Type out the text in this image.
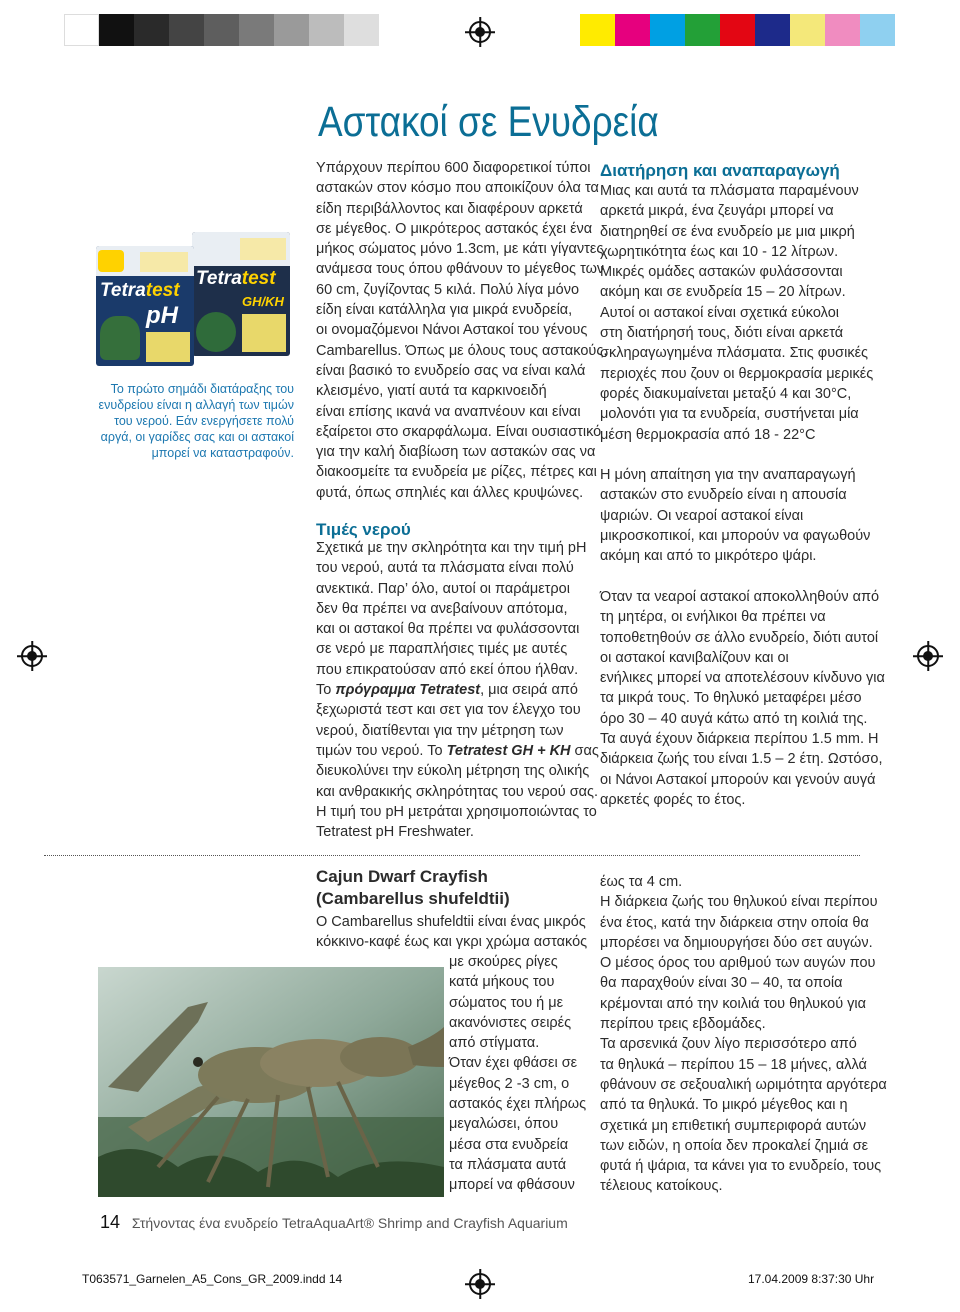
Αστακοί σε Ενυδρεία
Tetratest
GH/KH
Tetratest
pH
Το πρώτο σημάδι διατάραξης του ενυδρείου είναι η αλλαγή των τιμών του νερού. Εάν ενεργήσετε πολύ αργά, οι γαρίδες σας και οι αστακοί μπορεί να καταστραφούν.

Υπάρχουν περίπου 600 διαφορετικοί τύποι

αστακών στον κόσμο που αποικίζουν όλα τα

είδη περιβάλλοντος και διαφέρουν αρκετά

σε μέγεθος. Ο μικρότερος αστακός έχει ένα

μήκος σώματος μόνο 1.3cm, με κάτι γίγαντες

ανάμεσα τους όπου φθάνουν το μέγεθος των

60 cm, ζυγίζοντας 5 κιλά. Πολύ λίγα μόνο

είδη είναι κατάλληλα για μικρά ενυδρεία,

οι ονομαζόμενοι Νάνοι Αστακοί του γένους

Cambarellus. Όπως με όλους τους αστακούς,

είναι βασικό το ενυδρείο σας να είναι καλά

κλεισμένο, γιατί αυτά τα καρκινοειδή

είναι επίσης ικανά να αναπνέουν και είναι

εξαίρετοι στο σκαρφάλωμα. Είναι ουσιαστικό

για την καλή διαβίωση των αστακών σας να

διακοσμείτε τα ενυδρεία με ρίζες, πέτρες και

φυτά, όπως σπηλιές και άλλες κρυψώνες.

Τιμές νερού

Σχετικά με την σκληρότητα και την τιμή pH

του νερού, αυτά τα πλάσματα είναι πολύ

ανεκτικά. Παρ’ όλο, αυτοί οι παράμετροι

δεν θα πρέπει να ανεβαίνουν απότομα,

και οι αστακοί θα πρέπει να φυλάσσονται

σε νερό με παραπλήσιες τιμές με αυτές

που επικρατούσαν από εκεί όπου ήλθαν.

Το πρόγραμμα Tetratest, μια σειρά από

ξεχωριστά τεστ και σετ για τον έλεγχο του

νερού, διατίθενται για την μέτρηση των

τιμών του νερού. Το Tetratest GH + KH σας

διευκολύνει την εύκολη μέτρηση της ολικής

και ανθρακικής σκληρότητας του νερού σας.

Η τιμή του pH μετράται χρησιμοποιώντας το

Tetratest pH Freshwater.

Διατήρηση και αναπαραγωγή

Μιας και αυτά τα πλάσματα παραμένουν

αρκετά μικρά, ένα ζευγάρι μπορεί να

διατηρηθεί σε ένα ενυδρείο με μια μικρή

χωρητικότητα έως και 10 - 12 λίτρων.

Μικρές ομάδες αστακών φυλάσσονται

ακόμη και σε ενυδρεία 15 – 20 λίτρων.

Αυτοί οι αστακοί είναι σχετικά εύκολοι

στη διατήρησή τους, διότι είναι αρκετά

σκληραγωγημένα πλάσματα. Στις φυσικές

περιοχές που ζουν οι θερμοκρασία μερικές

φορές διακυμαίνεται μεταξύ 4 και 30°C,

μολονότι για τα ενυδρεία, συστήνεται μία

μέση θερμοκρασία από 18 - 22°C

Η μόνη απαίτηση για την αναπαραγωγή

αστακών στο ενυδρείο είναι η απουσία

ψαριών. Οι νεαροί αστακοί είναι

μικροσκοπικοί, και μπορούν να φαγωθούν

ακόμη και από το μικρότερο ψάρι.

Όταν τα νεαροί αστακοί αποκολληθούν από

τη μητέρα, οι ενήλικοι θα πρέπει να

τοποθετηθούν σε άλλο ενυδρείο, διότι αυτοί

οι αστακοί κανιβαλίζουν και οι

ενήλικες μπορεί να αποτελέσουν κίνδυνο για

τα μικρά τους. Το θηλυκό μεταφέρει μέσο

όρο 30 – 40 αυγά κάτω από τη κοιλιά της.

Τα αυγά έχουν διάρκεια περίπου 1.5 mm. Η

διάρκεια ζωής του είναι 1.5 – 2 έτη. Ωστόσο,

οι Νάνοι Αστακοί μπορούν και γενούν αυγά

αρκετές φορές το έτος.

Cajun Dwarf Crayfish
(Cambarellus shufeldtii)

Ο Cambarellus shufeldtii είναι ένας μικρός

κόκκινο-καφέ έως και γκρι χρώμα αστακός

με σκούρες ρίγες

κατά μήκους του

σώματος του ή με

ακανόνιστες σειρές

από στίγματα.

Όταν έχει φθάσει σε

μέγεθος 2 -3 cm, ο

αστακός έχει πλήρως

μεγαλώσει, όπου

μέσα στα ενυδρεία

τα πλάσματα αυτά

μπορεί να φθάσουν

έως τα 4 cm.

Η διάρκεια ζωής του θηλυκού είναι περίπου

ένα έτος, κατά την διάρκεια στην οποία θα

μπορέσει να δημιουργήσει δύο σετ αυγών.

Ο μέσος όρος του αριθμού των αυγών που

θα παραχθούν είναι 30 – 40, τα οποία

κρέμονται από την κοιλιά του θηλυκού για

περίπου τρεις εβδομάδες.

Τα αρσενικά ζουν λίγο περισσότερο από

τα θηλυκά – περίπου 15 – 18 μήνες, αλλά

φθάνουν σε σεξουαλική ωριμότητα αργότερα

από τα θηλυκά. Το μικρό μέγεθος και η

σχετικά μη επιθετική συμπεριφορά αυτών

των ειδών, η οποία δεν προκαλεί ζημιά σε

φυτά ή ψάρια, τα κάνει για το ενυδρείο, τους

τέλειους κατοίκους.

14 Στήνοντας ένα ενυδρείο TetraAquaArt® Shrimp and Crayfish Aquarium
T063571_Garnelen_A5_Cons_GR_2009.indd 14	17.04.2009 8:37:30 Uhr
